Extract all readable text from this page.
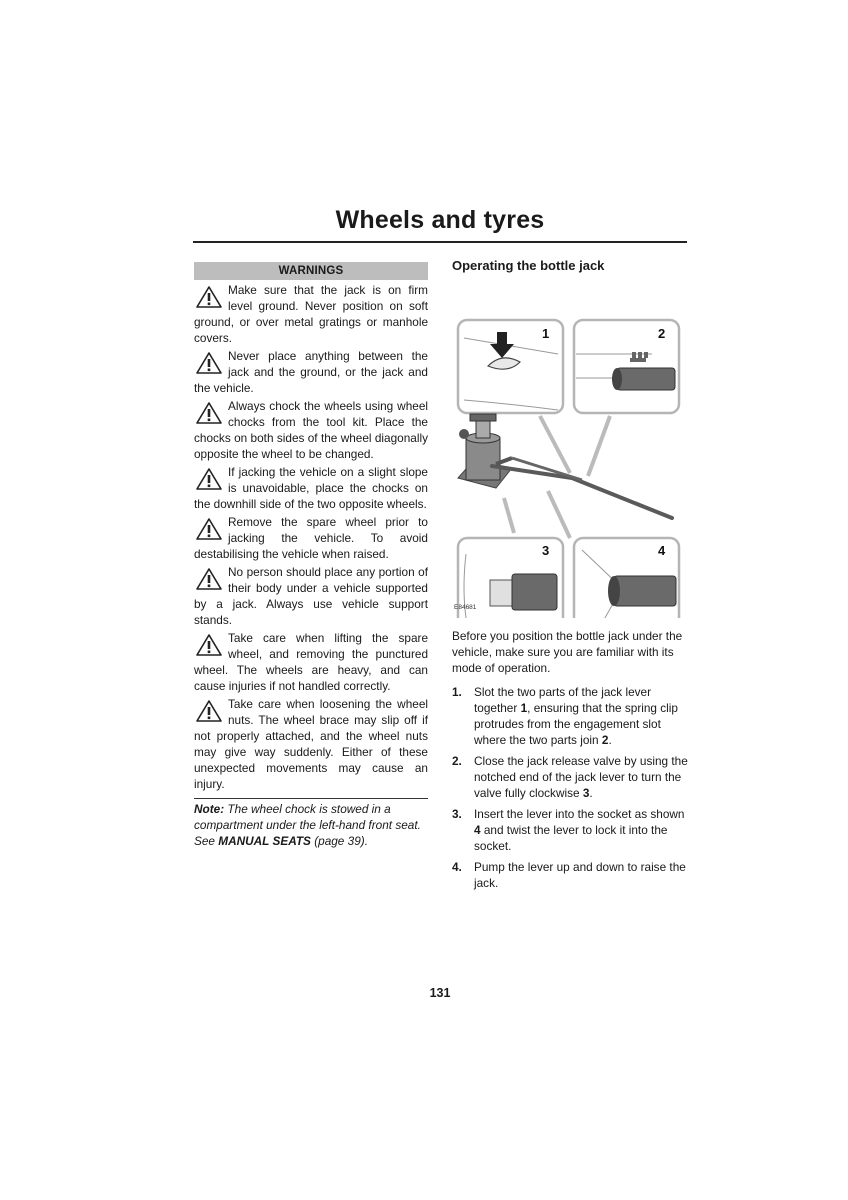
Wheels and tyres
WARNINGS

Make sure that the jack is on firm level ground. Never position on soft ground, or over metal gratings or manhole covers.

Never place anything between the jack and the ground, or the jack and the vehicle.

Always chock the wheels using wheel chocks from the tool kit. Place the chocks on both sides of the wheel diagonally opposite the wheel to be changed.

If jacking the vehicle on a slight slope is unavoidable, place the chocks on the downhill side of the two opposite wheels.

Remove the spare wheel prior to jacking the vehicle. To avoid destabilising the vehicle when raised.

No person should place any portion of their body under a vehicle supported by a jack. Always use vehicle support stands.

Take care when lifting the spare wheel, and removing the punctured wheel. The wheels are heavy, and can cause injuries if not handled correctly.

Take care when loosening the wheel nuts. The wheel brace may slip off if not properly attached, and the wheel nuts may give way suddenly. Either of these unexpected movements may cause an injury.

Note: The wheel chock is stowed in a compartment under the left-hand front seat. See MANUAL SEATS (page 39).
Operating the bottle jack
1	2
3	4
E84681
Before you position the bottle jack under the vehicle, make sure you are familiar with its mode of operation.
1.	Slot the two parts of the jack lever together 1, ensuring that the spring clip protrudes from the engagement slot where the two parts join 2.
2.	Close the jack release valve by using the notched end of the jack lever to turn the valve fully clockwise 3.
3.	Insert the lever into the socket as shown 4 and twist the lever to lock it into the socket.
4.	Pump the lever up and down to raise the jack.
131
